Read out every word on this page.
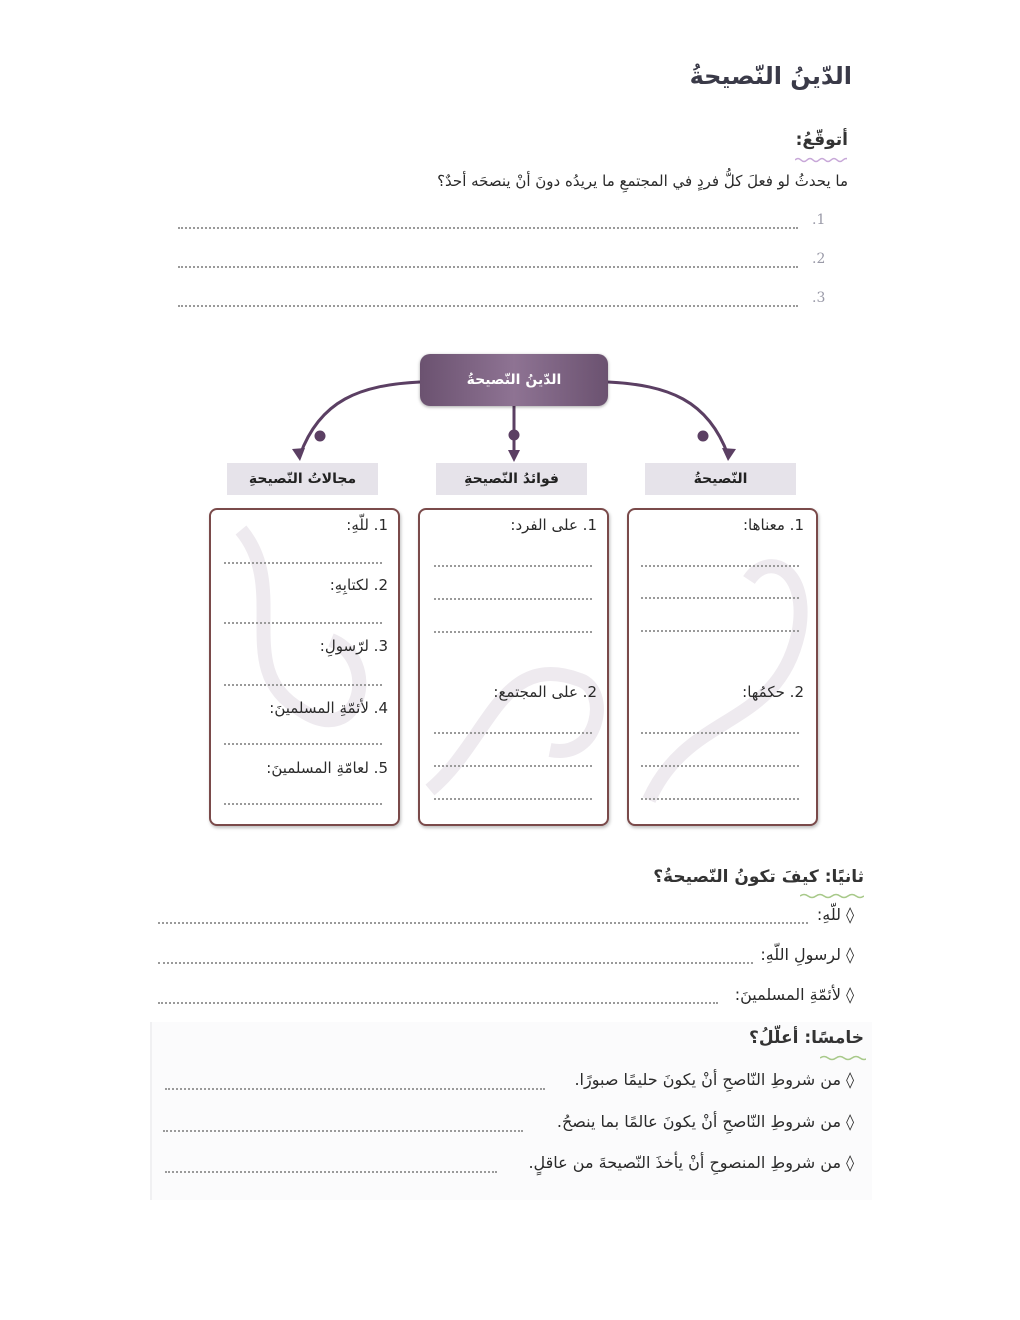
الدّينُ النّصيحةُ
أتوقّعُ:
ما يحدثُ لو فعلَ كلُّ فردٍ في المجتمعِ ما يريدُه دونَ أنْ ينصحَه أحدٌ؟
.1
.2
.3
الدّينُ النّصيحةُ
النّصيحةُ
فوائدُ النّصيحةِ
مجالاتُ النّصيحةِ
1. معناها:
2. حكمُها:
1. على الفرد:
2. على المجتمع:
1. للّهِ:
2. لكتابِهِ:
3. لرّسولِ:
4. لأئمّةِ المسلمينَ:
5. لعامّةِ المسلمينَ:
ثانيًا: كيفَ تكونُ النّصيحةُ؟
◊ للّهِ:
◊ لرسولِ اللّهِ:
◊ لأئمّةِ المسلمينَ:
خامسًا: أعلّلُ؟
◊ من شروطِ النّاصحِ أنْ يكونَ حليمًا صبورًا.
◊ من شروطِ النّاصحِ أنْ يكونَ عالمًا بما ينصحُ.
◊ من شروطِ المنصوحِ أنْ يأخذَ النّصيحةَ من عاقلٍ.
